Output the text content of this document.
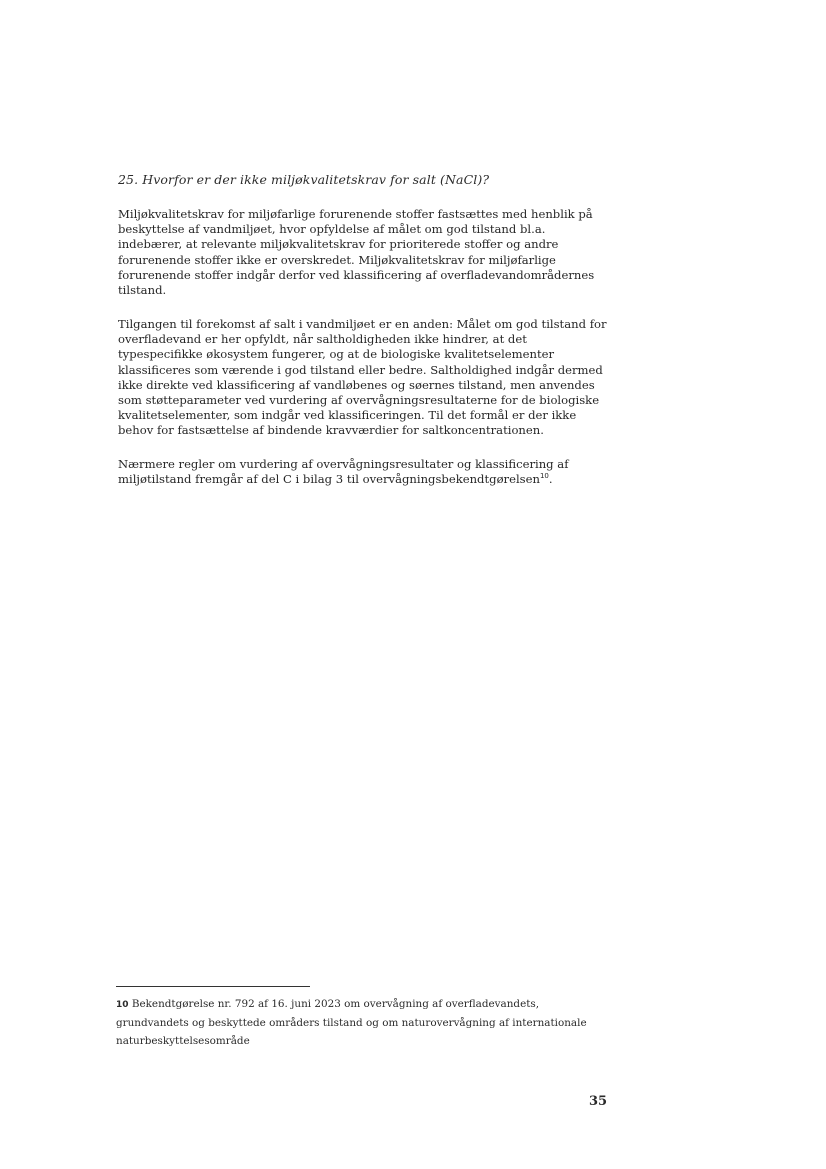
25. Hvorfor er der ikke miljøkvalitetskrav for salt (NaCl)?

Miljøkvalitetskrav for miljøfarlige forurenende stoffer fastsættes med henblik på
beskyttelse af vandmiljøet, hvor opfyldelse af målet om god tilstand bl.a.
indebærer, at relevante miljøkvalitetskrav for prioriterede stoffer og andre
forurenende stoffer ikke er overskredet. Miljøkvalitetskrav for miljøfarlige
forurenende stoffer indgår derfor ved klassificering af overfladevandområdernes
tilstand.

Tilgangen til forekomst af salt i vandmiljøet er en anden: Målet om god tilstand for
overfladevand er her opfyldt, når saltholdigheden ikke hindrer, at det
typespecifikke økosystem fungerer, og at de biologiske kvalitetselementer
klassificeres som værende i god tilstand eller bedre. Saltholdighed indgår dermed
ikke direkte ved klassificering af vandløbenes og søernes tilstand, men anvendes
som støtteparameter ved vurdering af overvågningsresultaterne for de biologiske
kvalitetselementer, som indgår ved klassificeringen. Til det formål er der ikke
behov for fastsættelse af bindende kravværdier for saltkoncentrationen.

Nærmere regler om vurdering af overvågningsresultater og klassificering af
miljøtilstand fremgår af del C i bilag 3 til overvågningsbekendtgørelsen$^{10}$.

10 Bekendtgørelse nr. 792 af 16. juni 2023 om overvågning af overfladevandets,
grundvandets og beskyttede områders tilstand og om naturovervågning af internationale
naturbeskyttelsesområde
35
